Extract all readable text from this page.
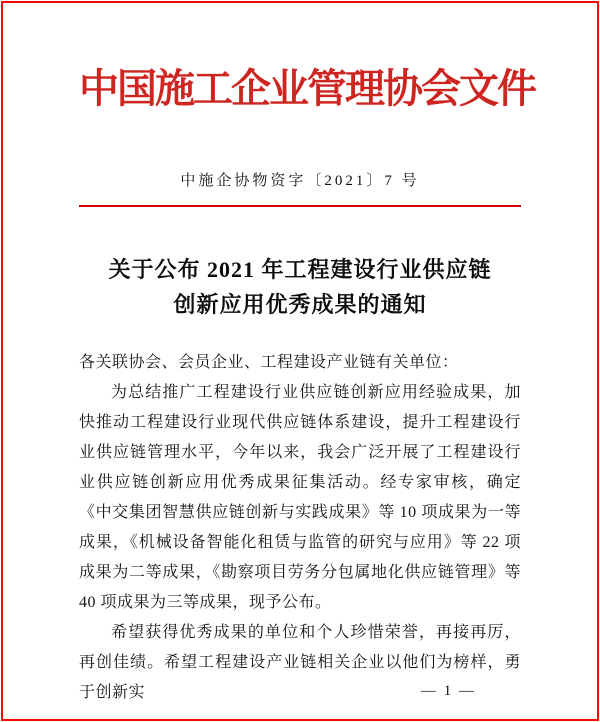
中国施工企业管理协会文件
中施企协物资字〔2021〕7 号
关于公布 2021 年工程建设行业供应链
创新应用优秀成果的通知
各关联协会、会员企业、工程建设产业链有关单位：

为总结推广工程建设行业供应链创新应用经验成果，加快推动工程建设行业现代供应链体系建设，提升工程建设行业供应链管理水平，今年以来，我会广泛开展了工程建设行业供应链创新应用优秀成果征集活动。经专家审核，确定《中交集团智慧供应链创新与实践成果》等 10 项成果为一等成果，《机械设备智能化租赁与监管的研究与应用》等 22 项成果为二等成果，《勘察项目劳务分包属地化供应链管理》等 40 项成果为三等成果，现予公布。

希望获得优秀成果的单位和个人珍惜荣誉，再接再厉，再创佳绩。希望工程建设产业链相关企业以他们为榜样，勇于创新实	— 1 —
